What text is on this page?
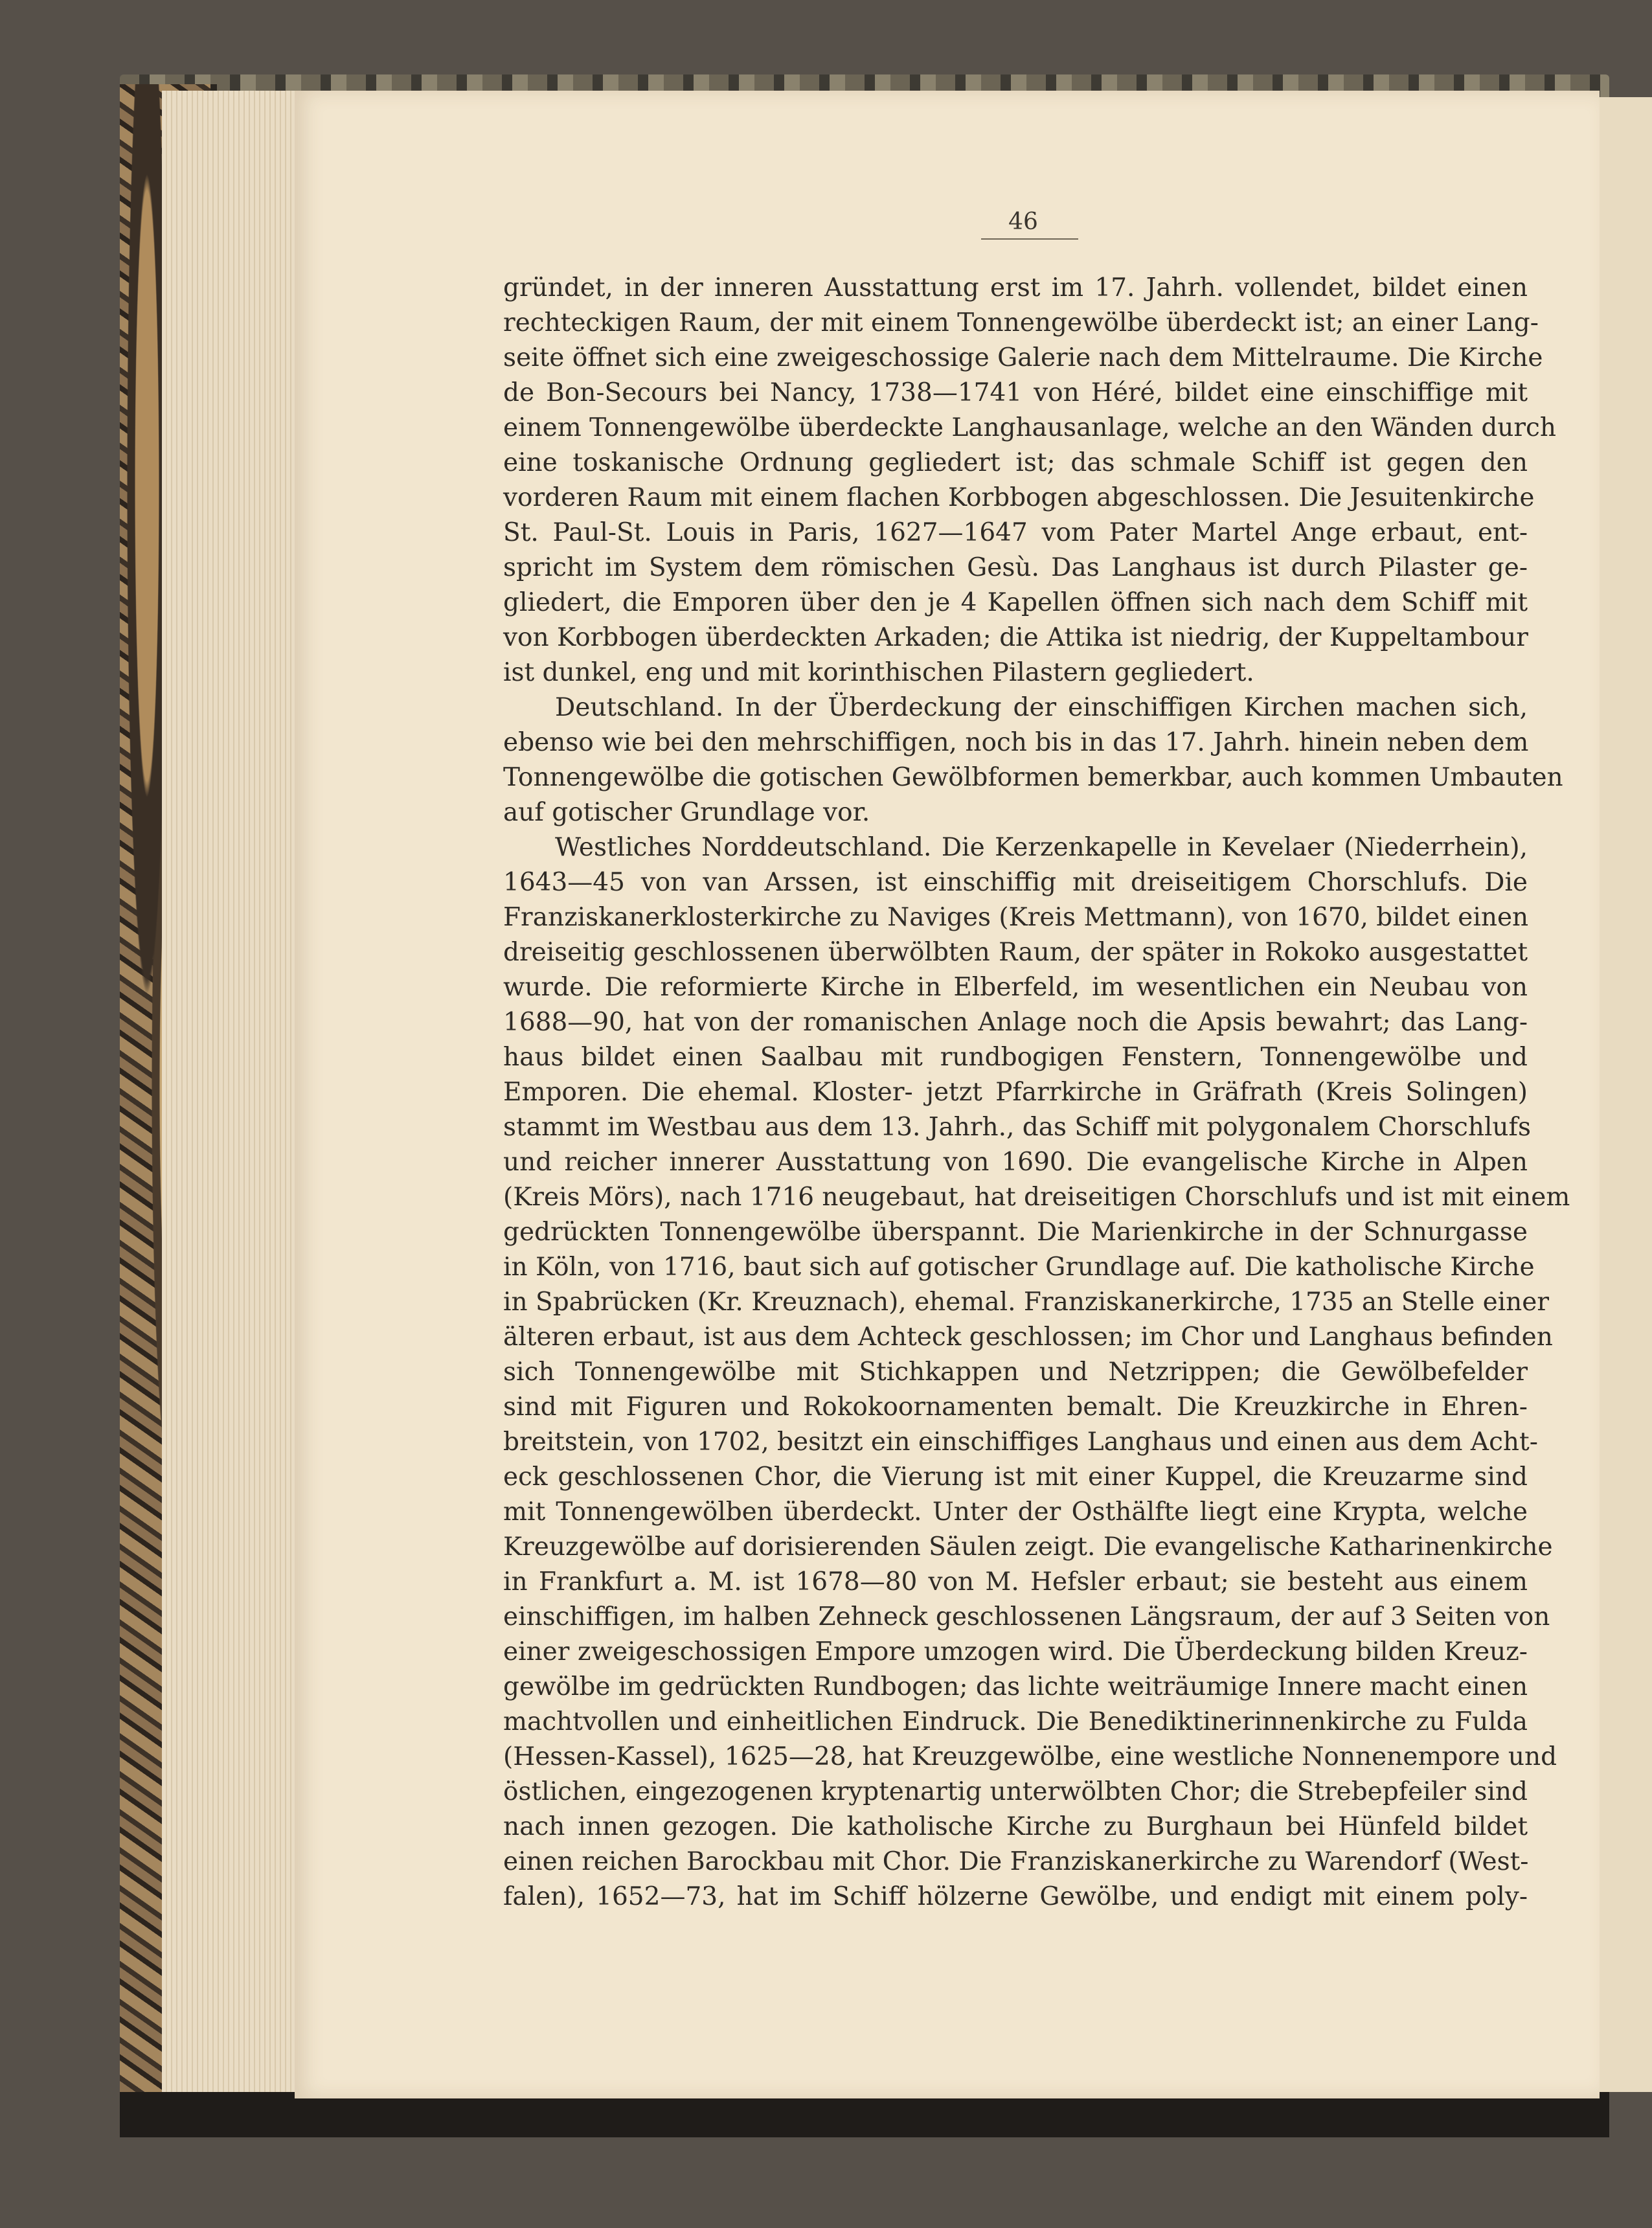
46
gründet, in der inneren Ausstattung erst im 17. Jahrh. vollendet, bildet einen
rechteckigen Raum, der mit einem Tonnengewölbe überdeckt ist; an einer Lang-
seite öffnet sich eine zweigeschossige Galerie nach dem Mittelraume. Die Kirche
de Bon-Secours bei Nancy, 1738—1741 von Héré, bildet eine einschiffige mit
einem Tonnengewölbe überdeckte Langhausanlage, welche an den Wänden durch
eine toskanische Ordnung gegliedert ist; das schmale Schiff ist gegen den
vorderen Raum mit einem flachen Korbbogen abgeschlossen. Die Jesuitenkirche
St. Paul-St. Louis in Paris, 1627—1647 vom Pater Martel Ange erbaut, ent-
spricht im System dem römischen Gesù. Das Langhaus ist durch Pilaster ge-
gliedert, die Emporen über den je 4 Kapellen öffnen sich nach dem Schiff mit
von Korbbogen überdeckten Arkaden; die Attika ist niedrig, der Kuppeltambour
ist dunkel, eng und mit korinthischen Pilastern gegliedert.
Deutschland. In der Überdeckung der einschiffigen Kirchen machen sich,
ebenso wie bei den mehrschiffigen, noch bis in das 17. Jahrh. hinein neben dem
Tonnengewölbe die gotischen Gewölbformen bemerkbar, auch kommen Umbauten
auf gotischer Grundlage vor.
Westliches Norddeutschland. Die Kerzenkapelle in Kevelaer (Niederrhein),
1643—45 von van Arssen, ist einschiffig mit dreiseitigem Chorschlufs. Die
Franziskanerklosterkirche zu Naviges (Kreis Mettmann), von 1670, bildet einen
dreiseitig geschlossenen überwölbten Raum, der später in Rokoko ausgestattet
wurde. Die reformierte Kirche in Elberfeld, im wesentlichen ein Neubau von
1688—90, hat von der romanischen Anlage noch die Apsis bewahrt; das Lang-
haus bildet einen Saalbau mit rundbogigen Fenstern, Tonnengewölbe und
Emporen. Die ehemal. Kloster- jetzt Pfarrkirche in Gräfrath (Kreis Solingen)
stammt im Westbau aus dem 13. Jahrh., das Schiff mit polygonalem Chorschlufs
und reicher innerer Ausstattung von 1690. Die evangelische Kirche in Alpen
(Kreis Mörs), nach 1716 neugebaut, hat dreiseitigen Chorschlufs und ist mit einem
gedrückten Tonnengewölbe überspannt. Die Marienkirche in der Schnurgasse
in Köln, von 1716, baut sich auf gotischer Grundlage auf. Die katholische Kirche
in Spabrücken (Kr. Kreuznach), ehemal. Franziskanerkirche, 1735 an Stelle einer
älteren erbaut, ist aus dem Achteck geschlossen; im Chor und Langhaus befinden
sich Tonnengewölbe mit Stichkappen und Netzrippen; die Gewölbefelder
sind mit Figuren und Rokokoornamenten bemalt. Die Kreuzkirche in Ehren-
breitstein, von 1702, besitzt ein einschiffiges Langhaus und einen aus dem Acht-
eck geschlossenen Chor, die Vierung ist mit einer Kuppel, die Kreuzarme sind
mit Tonnengewölben überdeckt. Unter der Osthälfte liegt eine Krypta, welche
Kreuzgewölbe auf dorisierenden Säulen zeigt. Die evangelische Katharinenkirche
in Frankfurt a. M. ist 1678—80 von M. Hefsler erbaut; sie besteht aus einem
einschiffigen, im halben Zehneck geschlossenen Längsraum, der auf 3 Seiten von
einer zweigeschossigen Empore umzogen wird. Die Überdeckung bilden Kreuz-
gewölbe im gedrückten Rundbogen; das lichte weiträumige Innere macht einen
machtvollen und einheitlichen Eindruck. Die Benediktinerinnenkirche zu Fulda
(Hessen-Kassel), 1625—28, hat Kreuzgewölbe, eine westliche Nonnenempore und
östlichen, eingezogenen kryptenartig unterwölbten Chor; die Strebepfeiler sind
nach innen gezogen. Die katholische Kirche zu Burghaun bei Hünfeld bildet
einen reichen Barockbau mit Chor. Die Franziskanerkirche zu Warendorf (West-
falen), 1652—73, hat im Schiff hölzerne Gewölbe, und endigt mit einem poly-
